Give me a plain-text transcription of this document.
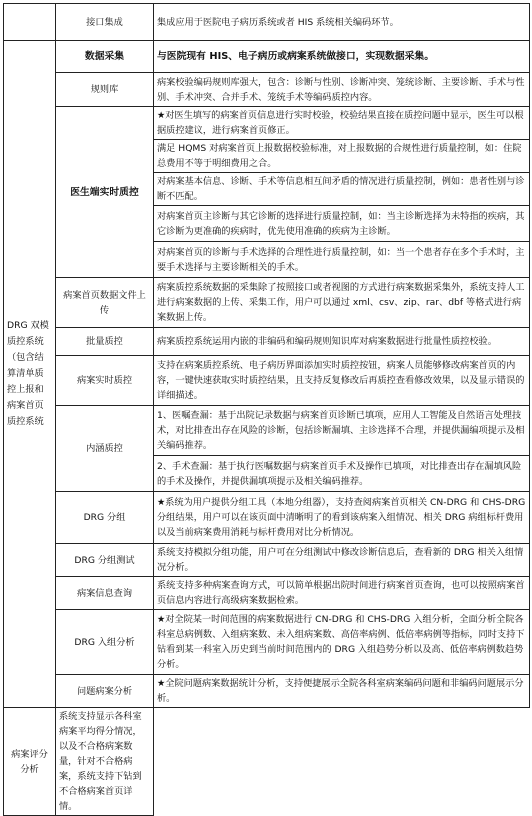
	接口集成	集成应用于医院电子病历系统或者 HIS 系统相关编码环节。
DRG 双模质控系统（包含结算清单质控上报和病案首页质控系统	数据采集	与医院现有 HIS、电子病历或病案系统做接口，实现数据采集。
	规则库	病案校验编码规则库强大，包含：诊断与性别、诊断冲突、笼统诊断、主要诊断、手术与性别、手术冲突、合并手术、笼统手术等编码质控内容。
	医生端实时质控	★对医生填写的病案首页信息进行实时校验，校验结果直接在质控问题中显示，医生可以根据质控建议，进行病案首页修正。
		满足 HQMS 对病案首页上报数据校验标准，对上报数据的合规性进行质量控制，如：住院总费用不等于明细费用之合。
		对病案基本信息、诊断、手术等信息相互间矛盾的情况进行质量控制，例如：患者性别与诊断不匹配。
		对病案首页主诊断与其它诊断的选择进行质量控制，如：当主诊断选择为未特指的疾病，其它诊断为更准确的疾病时，优先使用准确的疾病为主诊断。
		对病案首页的诊断与手术选择的合理性进行质量控制，如：当一个患者存在多个手术时，主要手术选择与主要诊断相关的手术。
	病案首页数据文件上传	病案质控系统数据的采集除了按照接口或者视图的方式进行病案数据采集外，系统支持人工进行病案数据的上传、采集工作，用户可以通过 xml、csv、zip、rar、dbf 等格式进行病案数据上传。
	批量质控	病案质控系统运用内嵌的非编码和编码规则知识库对病案数据进行批量性质控校验。
	病案实时质控	支持在病案质控系统、电子病历界面添加实时质控按钮，病案人员能够修改病案首页的内容，一键快速获取实时质控结果，且支持反复修改后再质控查看修改效果，以及显示错误的详细描述。
	内涵质控	1、医嘱查漏：基于出院记录数据与病案首页诊断已填项，应用人工智能及自然语言处理技术，对比排查出存在风险的诊断，包括诊断漏填、主诊选择不合理，并提供漏编项提示及相关编码推荐。
		2、手术查漏：基于执行医嘱数据与病案首页手术及操作已填项，对比排查出存在漏填风险的手术及操作，并提供漏填项提示及相关编码推荐。
	DRG 分组	★系统为用户提供分组工具（本地分组器），支持查阅病案首页相关 CN-DRG 和 CHS-DRG 分组结果，用户可以在该页面中清晰明了的看到该病案入组情况、相关 DRG 病组标杆费用以及当前病案费用消耗与标杆费用对比分析情况。
	DRG 分组测试	系统支持模拟分组功能，用户可在分组测试中修改诊断信息后，查看新的 DRG 相关入组情况分析。
	病案信息查询	系统支持多种病案查询方式，可以简单根据出院时间进行病案首页查询，也可以按照病案首页信息内容进行高级病案数据检索。
	DRG 入组分析	★对全院某一时间范围的病案数据进行 CN-DRG 和 CHS-DRG 入组分析，全面分析全院各科室总病例数、入组病案数、未入组病案数、高倍率病例、低倍率病例等指标，同时支持下钻看到某一科室入历史到当前时间范围内的 DRG 入组趋势分析以及高、低倍率病例数趋势分析。
	问题病案分析	★全院问题病案数据统计分析，支持便捷展示全院各科室病案编码问题和非编码问题展示分析。
病案评分分析	系统支持显示各科室病案平均得分情况，以及不合格病案数量，针对不合格病案，系统支持下钻到不合格病案首页详情。	
